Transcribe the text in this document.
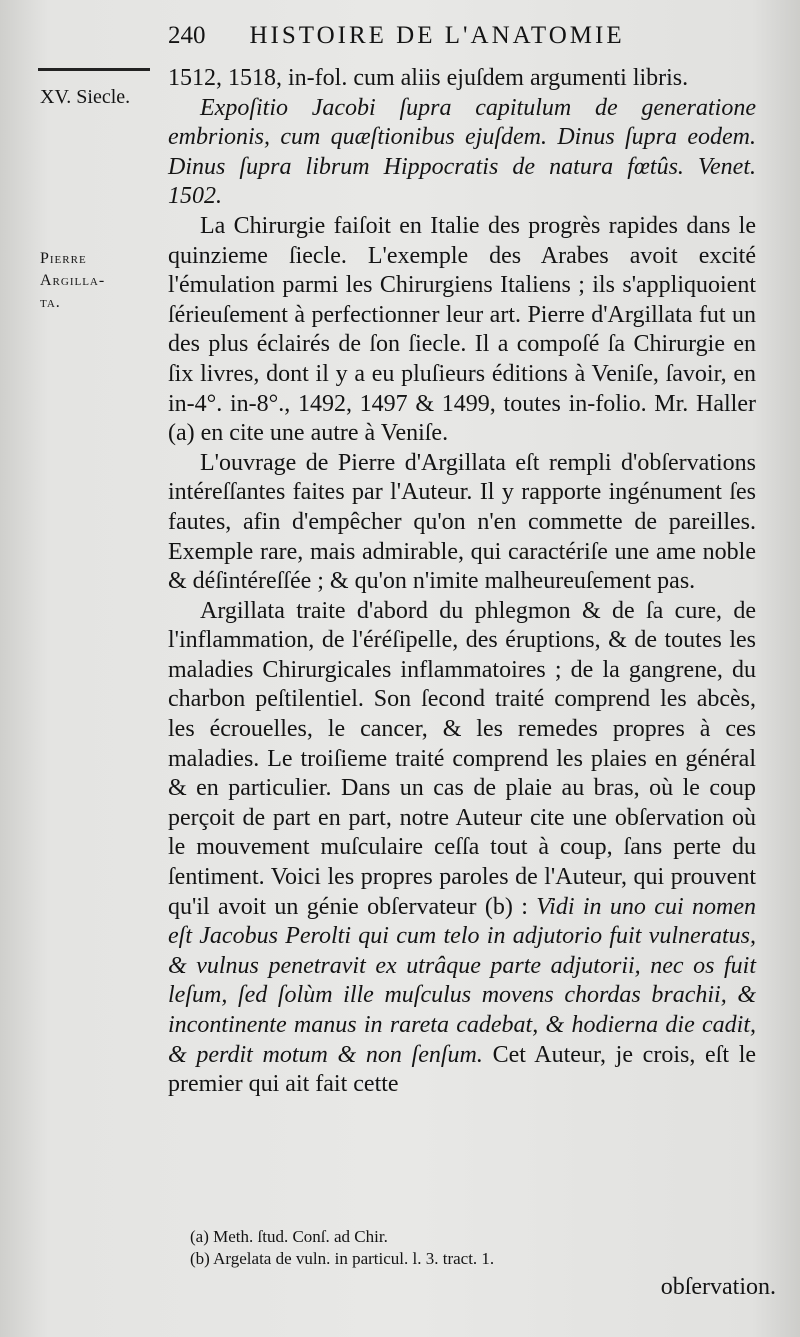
240 HISTOIRE DE L'ANATOMIE
XV. Siecle.
Pierre
Argilla-
ta.

1512, 1518, in-fol. cum aliis ejuſdem argumenti libris.

Expoſitio Jacobi ſupra capitulum de generatione embrionis, cum quæſtionibus ejuſdem. Dinus ſupra eodem. Dinus ſupra librum Hippocratis de natura fœtûs. Venet. 1502.

La Chirurgie faiſoit en Italie des progrès rapides dans le quinzieme ſiecle. L'exemple des Arabes avoit excité l'émulation parmi les Chirurgiens Italiens ; ils s'appliquoient ſérieuſement à perfectionner leur art. Pierre d'Argillata fut un des plus éclairés de ſon ſiecle. Il a compoſé ſa Chirurgie en ſix livres, dont il y a eu pluſieurs éditions à Veniſe, ſavoir, en in-4°. in-8°., 1492, 1497 & 1499, toutes in-folio. Mr. Haller (a) en cite une autre à Veniſe.

L'ouvrage de Pierre d'Argillata eſt rempli d'obſervations intéreſſantes faites par l'Auteur. Il y rapporte ingénument ſes fautes, afin d'empêcher qu'on n'en commette de pareilles. Exemple rare, mais admirable, qui caractériſe une ame noble & déſintéreſſée ; & qu'on n'imite malheureuſement pas.

Argillata traite d'abord du phlegmon & de ſa cure, de l'inflammation, de l'éréſipelle, des éruptions, & de toutes les maladies Chirurgicales inflammatoires ; de la gangrene, du charbon peſtilentiel. Son ſecond traité comprend les abcès, les écrouelles, le cancer, & les remedes propres à ces maladies. Le troiſieme traité comprend les plaies en général & en particulier. Dans un cas de plaie au bras, où le coup perçoit de part en part, notre Auteur cite une obſervation où le mouvement muſculaire ceſſa tout à coup, ſans perte du ſentiment. Voici les propres paroles de l'Auteur, qui prouvent qu'il avoit un génie obſervateur (b) : Vidi in uno cui nomen eſt Jacobus Perolti qui cum telo in adjutorio fuit vulneratus, & vulnus penetravit ex utrâque parte adjutorii, nec os fuit leſum, ſed ſolùm ille muſculus movens chordas brachii, & incontinente manus in rareta cadebat, & hodierna die cadit, & perdit motum & non ſenſum. Cet Auteur, je crois, eſt le premier qui ait fait cette

(a) Meth. ſtud. Conſ. ad Chir.
(b) Argelata de vuln. in particul. l. 3. tract. 1.
obſervation.
